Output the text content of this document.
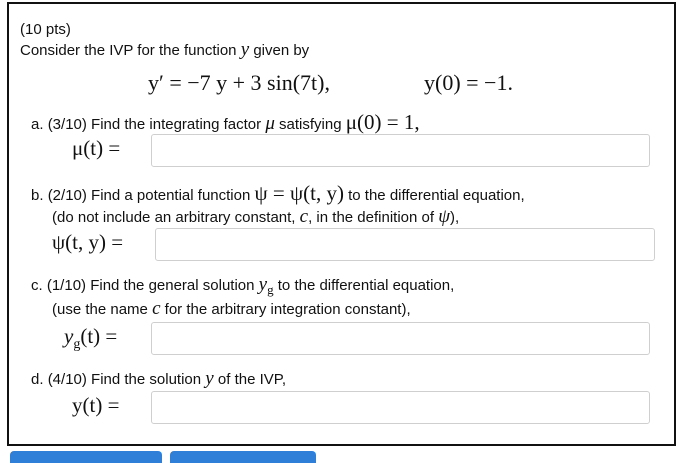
(10 pts)
Consider the IVP for the function y given by
y′ = −7 y + 3 sin(7t),	y(0) = −1.
a. (3/10) Find the integrating factor μ satisfying μ(0) = 1,
μ(t) =
b. (2/10) Find a potential function ψ = ψ(t, y) to the differential equation,
(do not include an arbitrary constant, c, in the definition of ψ),
ψ(t, y) =
c. (1/10) Find the general solution $y_g$ to the differential equation,
(use the name c for the arbitrary integration constant),
$y_g(t)$ =
d. (4/10) Find the solution y of the IVP,
y(t) =
